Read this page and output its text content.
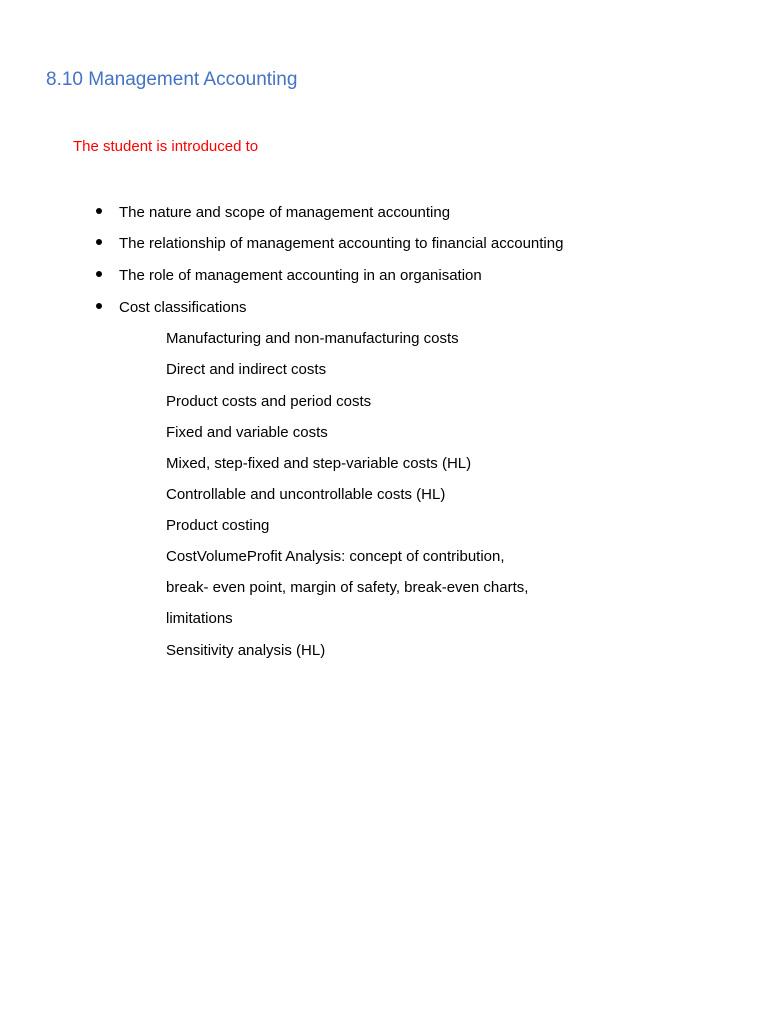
8.10 Management Accounting

The student is introduced to

The nature and scope of management accounting
The relationship of management accounting to financial accounting
The role of management accounting in an organisation
Cost classifications
Manufacturing and non-manufacturing costs
Direct and indirect costs
Product costs and period costs
Fixed and variable costs
Mixed, step-fixed and step-variable costs (HL)
Controllable and uncontrollable costs (HL)
Product costing
CostVolumeProfit Analysis: concept of contribution,
break- even point, margin of safety, break-even charts,
limitations
Sensitivity analysis (HL)
